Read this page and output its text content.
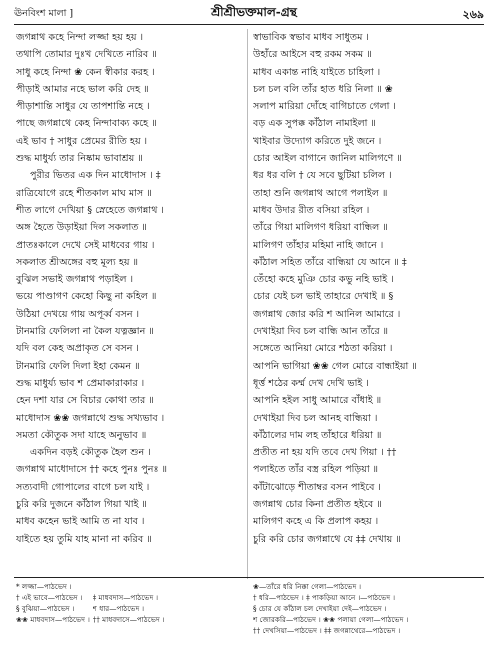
ঊনবিংশ মালা ]	শ্রীশ্রীভক্তমাল-গ্রন্থ	২৬৯
জগন্নাথ কহে নিন্দা লজ্জা হয় হয় ।
তথাপি তোমার দুঃখ দেখিতে নারিব ॥
সাধু কহে নিন্দা ❀ কেন স্বীকার করহ ।
পীড়াই আমার নহে ভাল করি দেহ ॥
পীড়াশান্তি সাধুর যে তাপশান্তি নহে ।
পাছে জগন্নাথে কেহ নিন্দাবাক্য কহে ॥
এই ভাব † সাধুর প্রেমের রীতি হয় ।
শুদ্ধ মাধুর্য্য তার নিষ্কাম ভাবাশ্রয় ॥
পুরীর ভিতর এক দিন মাধোদাস । ‡
রাত্রিযোগে রহে শীতকাল মাঘ মাস ॥
শীত লাগে দেখিয়া § স্নেহেতে জগন্নাথ ।
অঙ্গ হৈতে উড়াইয়া দিল সকলাত ॥
প্রাতঃকালে দেখে সেই মাধবের গায় ।
সকলাত শ্রীঅঙ্গের বহু মূল্য হয় ॥
বুঝিল সভাই জগন্নাথ পড়াইল ।
ভয়ে পাণ্ডাগণ কেহো কিছু না কহিল ॥
উঠিয়া দেখয়ে গায় অপূর্ব্ব বসন ।
টানমারি ফেলিলা না কৈল যত্নজ্ঞান ॥
যদি বল কেহ অপ্রাকৃত সে বসন ।
টানমারি ফেলি দিলা ইহা কেমন ॥
শুদ্ধ মাধুর্য্য ভাব শ প্রেমাকারাকার ।
হেন দশা যার সে বিচার কোথা তার ॥
মাধোদাস ❀❀ জগন্নাথে শুদ্ধ সখ্যভাব ।
সমতা কৌতুক সদা যাহে অনুভাব ॥
একদিন বড়ই কৌতুক হৈল শুন ।
জগন্নাথ মাধোদাসে †† কহে পুনঃ পুনঃ ॥
সত্যবাদী গোপালের বাগে চল যাই ।
চুরি করি দুজনে কাঁঠাল গিয়া খাই ॥
মাধব কহেন ভাই আমি ত না যাব ।
যাইতে হয় তুমি যাহ মানা না করিব ॥
স্বাভাবিক স্বভাব মাধব সাধুতম ।
উহাঁরে আইসে বহু রকম সকম ॥
মাধব একান্ত নাহি যাইতে চাহিলা ।
চল চল বলি তাঁর হাত ধরি নিলা ॥ ❀
সলাপ মারিয়া দোঁহে বাগিচাতে গেলা ।
বড় এক সুপক্ক কাঁঠাল নামাইলা ॥
খাইবার উদ্যোগ করিতে দুই জনে ।
চোর আইল বাগানে জানিল মালিগণে ॥
ধর ধর বলি † যে সবে ছুটিয়া চলিল ।
তাহা শুনি জগন্নাথ আগে পলাইল ॥
মাধব উদার রীত বসিয়া রহিল ।
তাঁরে গিয়া মালিগণ ধরিয়া বান্ধিল ॥
মালিগণ তাঁহার মহিমা নাহি জানে ।
কাঁঠাল সহিত তাঁরে বান্ধিয়া যে আনে ॥ ‡
তেঁহো কহে মুঞি চোর কভু নহি ভাই ।
চোর যেই চল ভাই তাহারে দেখাই ॥ §
জগন্নাথ জোর করি শ আনিল আমারে ।
দেখাইয়া দিব চল বান্ধি আন তাঁরে ॥
সঙ্গেতে আনিয়া মোরে শঠতা করিয়া ।
আপনি ভাগিয়া ❀❀ গেল মোরে বান্ধাইয়া ॥
ধূর্ত্ত শঠের কর্ম্ম দেখ দেখি ভাই ।
আপনি হইল সাধু আমারে বাঁধাই ॥
দেখাইয়া দিব চল আনহ বান্ধিয়া ।
কাঁঠালের দাম লহ তাঁহারে ধরিয়া ॥
প্রতীত না হয় যদি তবে দেখ গিয়া । ††
পলাইতে তাঁর বস্ত্র রহিল পড়িয়া ॥
কাঁটাঝোড়ে শীতাম্বর বসন পাইবে ।
জগন্নাথ চোর কিনা প্রতীত হইবে ॥
মালিগণ কহে এ কি প্রলাপ কহয় ।
চুরি করি চোর জগন্নাথে যে ‡‡ দেখায় ॥
* লজ্জা—পাঠভেদ ।
† এই ভাবে—পাঠভেদ ।	‡ মাধবদাস—পাঠভেদ ।
§ বুঝিয়া—পাঠভেদ ।	শ ধার—পাঠভেদ ।
❀❀ মাধবদাস—পাঠভেদ । †† মাধবদাসে—পাঠভেদ ।
❀—তাঁরে ধরি নিক্কা গেলা—পাঠভেদ ।
† ধরি—পাঠভেদ । ‡ পাকড়িয়া আনে ।—পাঠভেদ ।
§ চোর যে কাঁঠাল চল দেখাইয়া দেই—পাঠভেদ ।
শ জোরকরি—পাঠভেদ । ❀❀ পলায়া গেলা—পাঠভেদ ।
†† দেখসিয়া—পাঠভেদ । ‡‡ জগন্নাথেরে—পাঠভেদ ।
